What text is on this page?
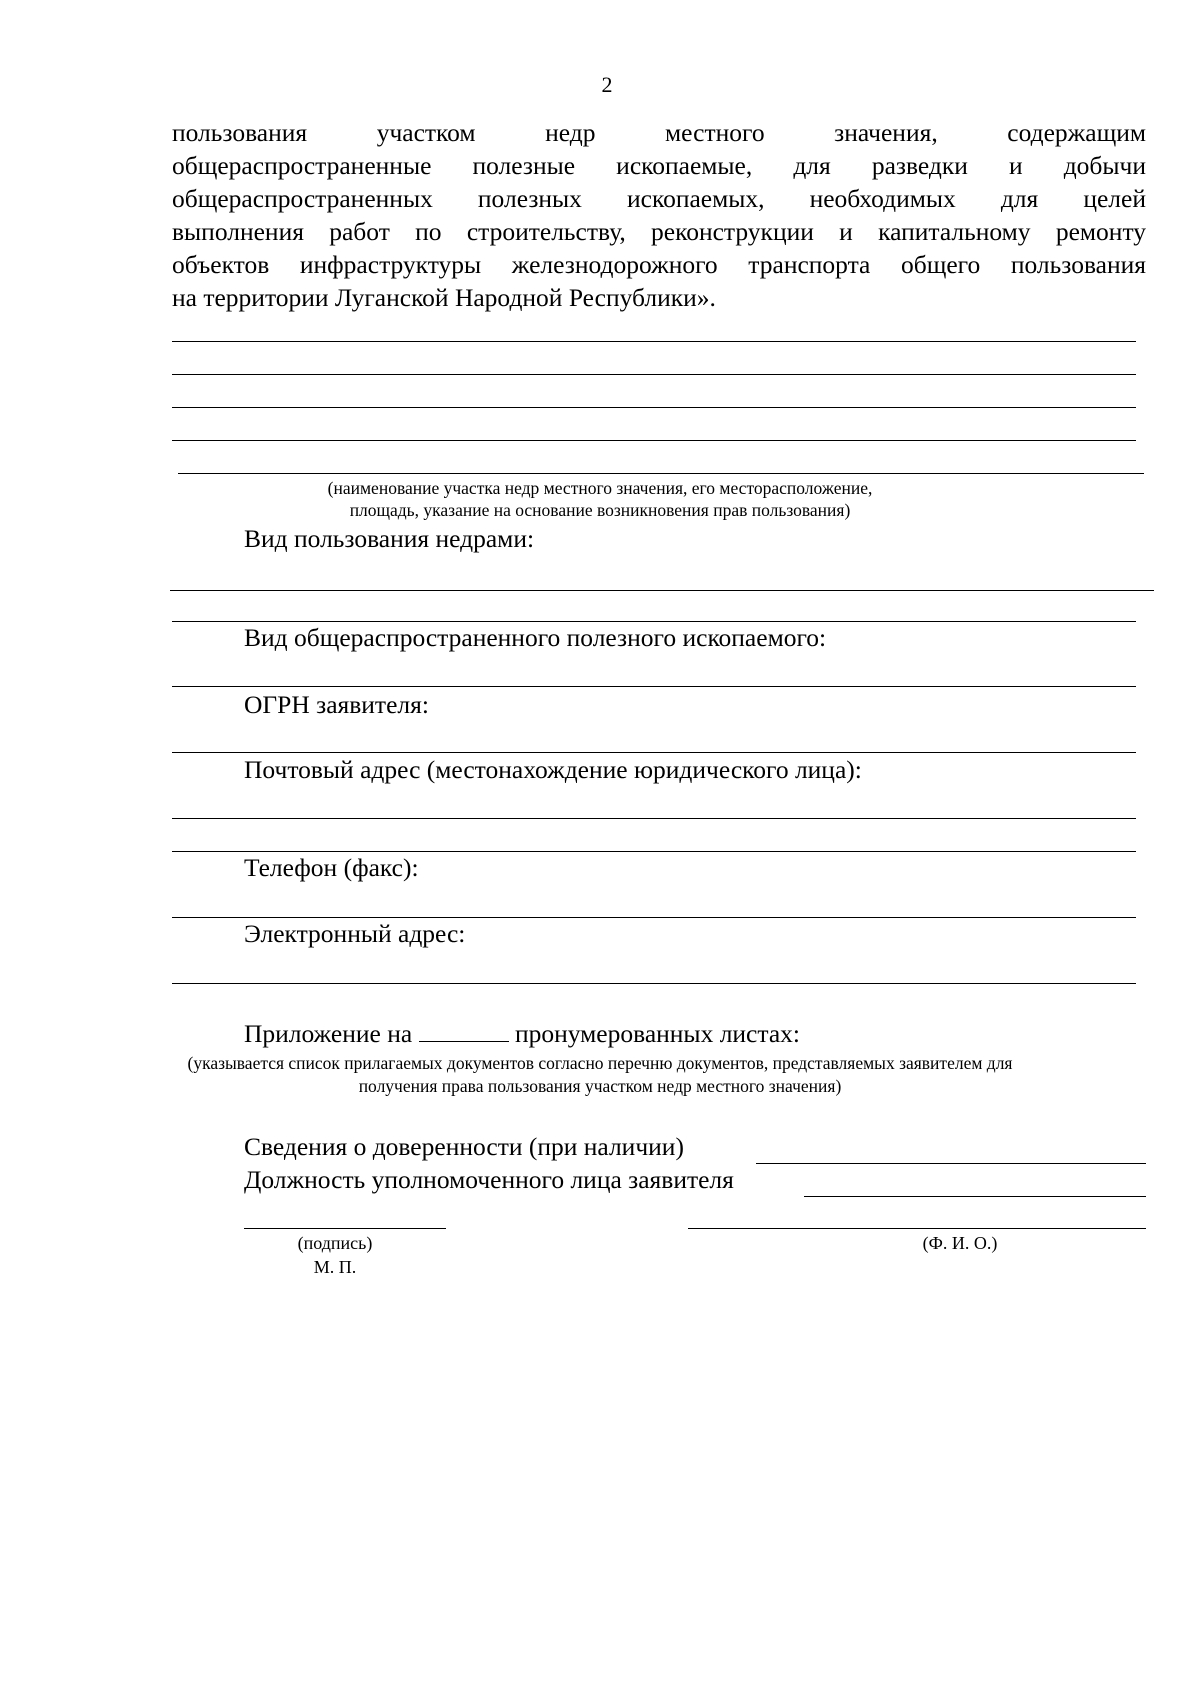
2
пользования участком недр местного значения, содержащим
общераспространенные полезные ископаемые, для разведки и добычи
общераспространенных полезных ископаемых, необходимых для целей
выполнения работ по строительству, реконструкции и капитальному ремонту
объектов инфраструктуры железнодорожного транспорта общего пользования
на территории Луганской Народной Республики».
(наименование участка недр местного значения, его месторасположение,
площадь, указание на основание возникновения прав пользования)
Вид пользования недрами:
Вид общераспространенного полезного ископаемого:
ОГРН заявителя:
Почтовый адрес (местонахождение юридического лица):
Телефон (факс):
Электронный адрес:
Приложение на	пронумерованных листах:
(указывается список прилагаемых документов согласно перечню документов, представляемых заявителем для
получения права пользования участком недр местного значения)
Сведения о доверенности (при наличии)
Должность уполномоченного лица заявителя
(подпись)
М. П.
(Ф. И. О.)
